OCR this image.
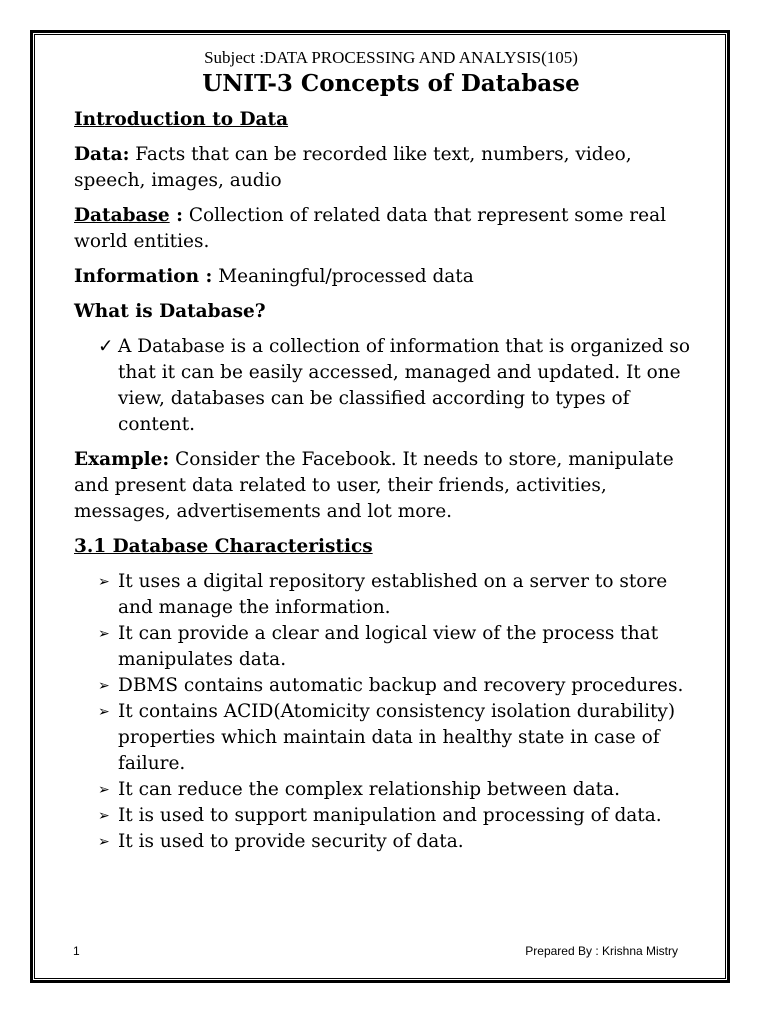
Subject :DATA PROCESSING AND ANALYSIS(105)
UNIT-3 Concepts of Database
Introduction to Data

Data: Facts that can be recorded like text, numbers, video, speech, images, audio

Database : Collection of related data that represent some real world entities.

Information : Meaningful/processed data

What is Database?
✓ A Database is a collection of information that is organized so that it can be easily accessed, managed and updated. It one view, databases can be classified according to types of content.

Example: Consider the Facebook. It needs to store, manipulate and present data related to user, their friends, activities, messages, advertisements and lot more.

3.1 Database Characteristics
➢ It uses a digital repository established on a server to store and manage the information.
➢ It can provide a clear and logical view of the process that manipulates data.
➢ DBMS contains automatic backup and recovery procedures.
➢ It contains ACID(Atomicity consistency isolation durability) properties which maintain data in healthy state in case of failure.
➢ It can reduce the complex relationship between data.
➢ It is used to support manipulation and processing of data.
➢ It is used to provide security of data.
1	Prepared By : Krishna Mistry
